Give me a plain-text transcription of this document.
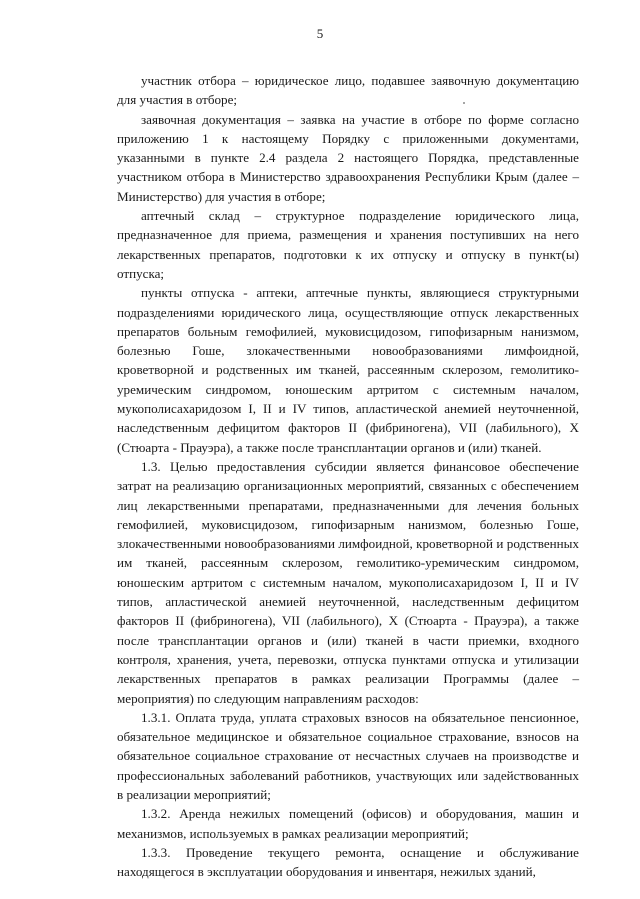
5

участник отбора – юридическое лицо, подавшее заявочную документацию для участия в отборе;

заявочная документация – заявка на участие в отборе по форме согласно приложению 1 к настоящему Порядку с приложенными документами, указанными в пункте 2.4 раздела 2 настоящего Порядка, представленные участником отбора в Министерство здравоохранения Республики Крым (далее – Министерство) для участия в отборе;

аптечный склад – структурное подразделение юридического лица, предназначенное для приема, размещения и хранения поступивших на него лекарственных препаратов, подготовки к их отпуску и отпуску в пункт(ы) отпуска;

пункты отпуска - аптеки, аптечные пункты, являющиеся структурными подразделениями юридического лица, осуществляющие отпуск лекарственных препаратов больным гемофилией, муковисцидозом, гипофизарным нанизмом, болезнью Гоше, злокачественными новообразованиями лимфоидной, кроветворной и родственных им тканей, рассеянным склерозом, гемолитико-уремическим синдромом, юношеским артритом с системным началом, мукополисахаридозом I, II и IV типов, апластической анемией неуточненной, наследственным дефицитом факторов II (фибриногена), VII (лабильного), X (Стюарта - Прауэра), а также после трансплантации органов и (или) тканей.

1.3. Целью предоставления субсидии является финансовое обеспечение затрат на реализацию организационных мероприятий, связанных с обеспечением лиц лекарственными препаратами, предназначенными для лечения больных гемофилией, муковисцидозом, гипофизарным нанизмом, болезнью Гоше, злокачественными новообразованиями лимфоидной, кроветворной и родственных им тканей, рассеянным склерозом, гемолитико-уремическим синдромом, юношеским артритом с системным началом, мукополисахаридозом I, II и IV типов, апластической анемией неуточненной, наследственным дефицитом факторов II (фибриногена), VII (лабильного), X (Стюарта - Прауэра), а также после трансплантации органов и (или) тканей в части приемки, входного контроля, хранения, учета, перевозки, отпуска пунктами отпуска и утилизации лекарственных препаратов в рамках реализации Программы (далее – мероприятия) по следующим направлениям расходов:

1.3.1. Оплата труда, уплата страховых взносов на обязательное пенсионное, обязательное медицинское и обязательное социальное страхование, взносов на обязательное социальное страхование от несчастных случаев на производстве и профессиональных заболеваний работников, участвующих или задействованных в реализации мероприятий;

1.3.2. Аренда нежилых помещений (офисов) и оборудования, машин и механизмов, используемых в рамках реализации мероприятий;

1.3.3. Проведение текущего ремонта, оснащение и обслуживание находящегося в эксплуатации оборудования и инвентаря, нежилых зданий,
